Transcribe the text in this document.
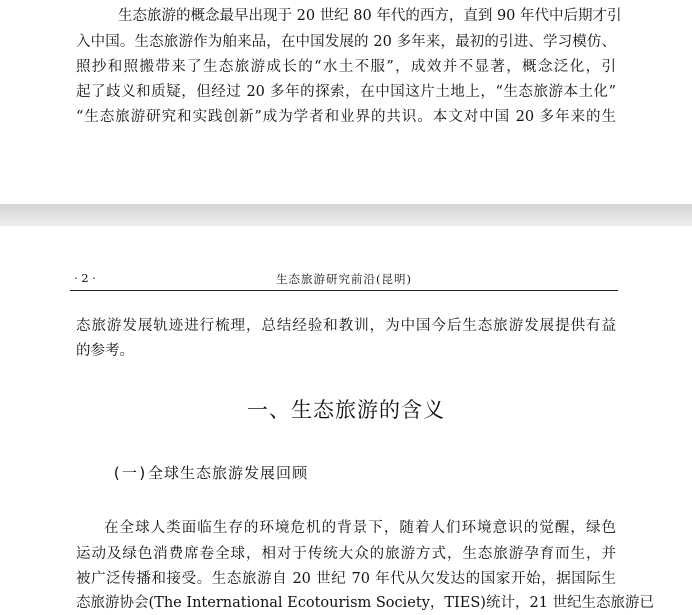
生态旅游的概念最早出现于 20 世纪 80 年代的西方，直到 90 年代中后期才引
入中国。生态旅游作为舶来品，在中国发展的 20 多年来，最初的引进、学习模仿、
照抄和照搬带来了生态旅游成长的“水土不服”，成效并不显著，概念泛化，引
起了歧义和质疑，但经过 20 多年的探索，在中国这片土地上，“生态旅游本土化”
“生态旅游研究和实践创新”成为学者和业界的共识。本文对中国 20 多年来的生
· 2 ·	生态旅游研究前沿(昆明)
态旅游发展轨迹进行梳理，总结经验和教训，为中国今后生态旅游发展提供有益
的参考。
一、生态旅游的含义
(一)全球生态旅游发展回顾
在全球人类面临生存的环境危机的背景下，随着人们环境意识的觉醒，绿色
运动及绿色消费席卷全球，相对于传统大众的旅游方式，生态旅游孕育而生，并
被广泛传播和接受。生态旅游自 20 世纪 70 年代从欠发达的国家开始，据国际生
态旅游协会(The International Ecotourism Society，TIES)统计，21 世纪生态旅游已
